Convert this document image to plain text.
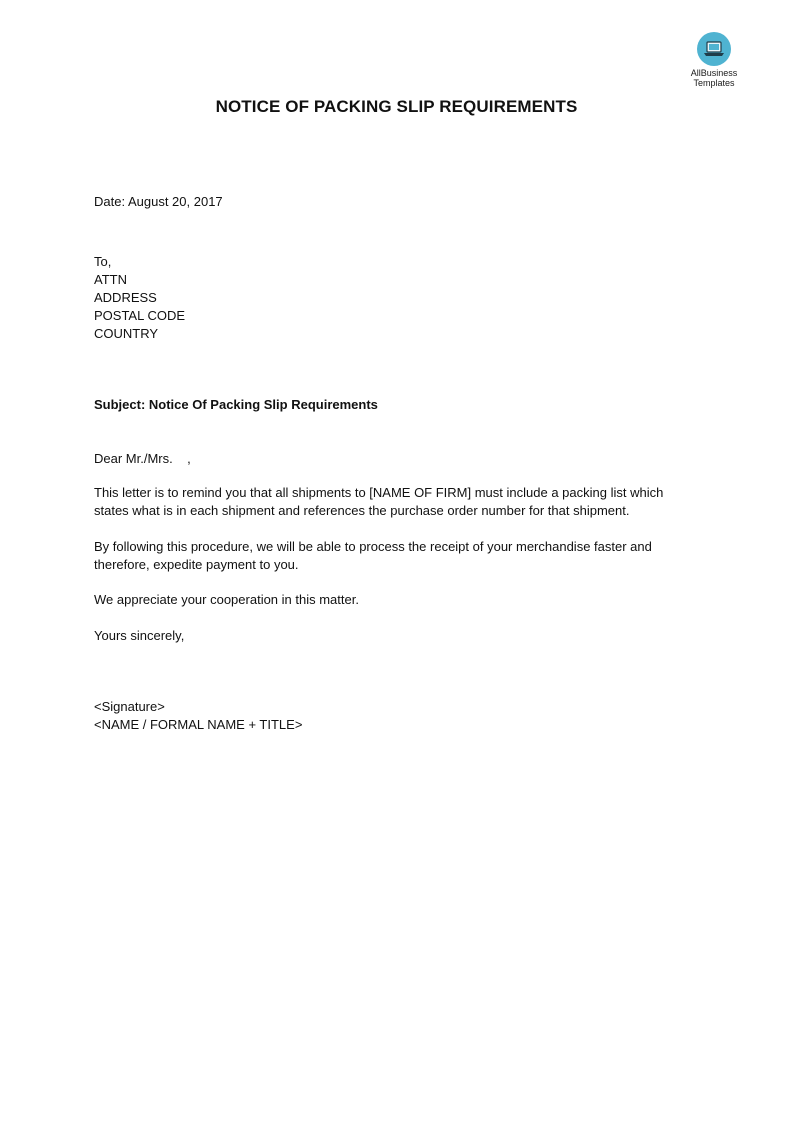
AllBusiness
Templates
NOTICE OF PACKING SLIP REQUIREMENTS
Date: August 20, 2017
To,
ATTN
ADDRESS
POSTAL CODE
COUNTRY
Subject: Notice Of Packing Slip Requirements
Dear Mr./Mrs.    ,
This letter is to remind you that all shipments to [NAME OF FIRM] must include a packing list which
states what is in each shipment and references the purchase order number for that shipment.
By following this procedure, we will be able to process the receipt of your merchandise faster and
therefore, expedite payment to you.
We appreciate your cooperation in this matter.
Yours sincerely,
<Signature>
<NAME / FORMAL NAME + TITLE>
